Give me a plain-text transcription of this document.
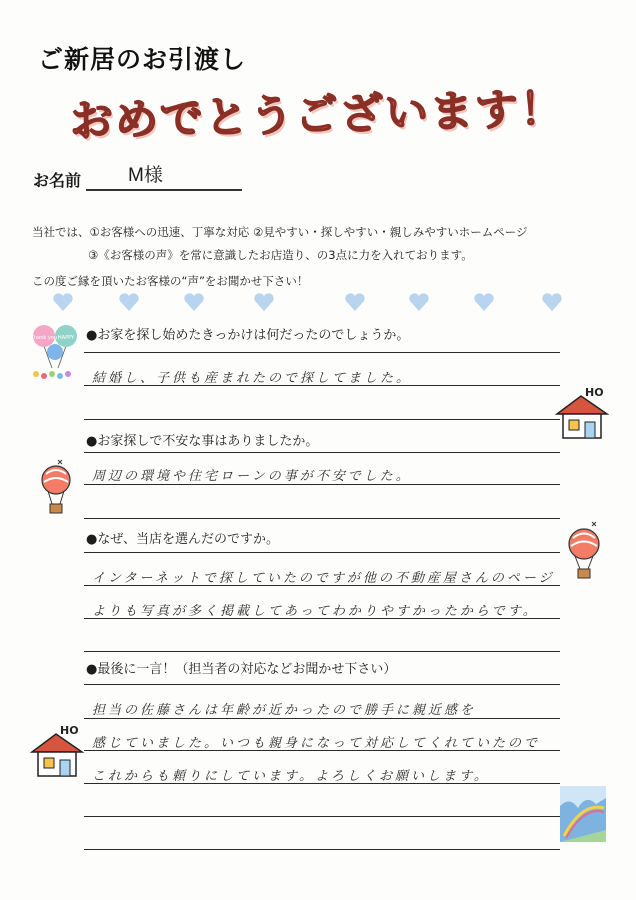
ご新居のお引渡し
おめでとうございます！
お名前 M様
当社では、①お客様への迅速、丁寧な対応 ②見やすい・探しやすい・親しみやすいホームページ
③《お客様の声》を常に意識したお店造り、の3点に力を入れております。
この度ご縁を頂いたお客様の“声”をお聞かせ下さい！
●お家を探し始めたきっかけは何だったのでしょうか。
結婚し、子供も産まれたので探してました。
●お家探しで不安な事はありましたか。
周辺の環境や住宅ローンの事が不安でした。
●なぜ、当店を選んだのですか。
インターネットで探していたのですが他の不動産屋さんのページ
よりも写真が多く掲載してあってわかりやすかったからです。
●最後に一言！（担当者の対応などお聞かせ下さい）
担当の佐藤さんは年齢が近かったので勝手に親近感を
感じていました。いつも親身になって対応してくれていたので
これからも頼りにしています。よろしくお願いします。
Thank you HAPPY
HO
HO
